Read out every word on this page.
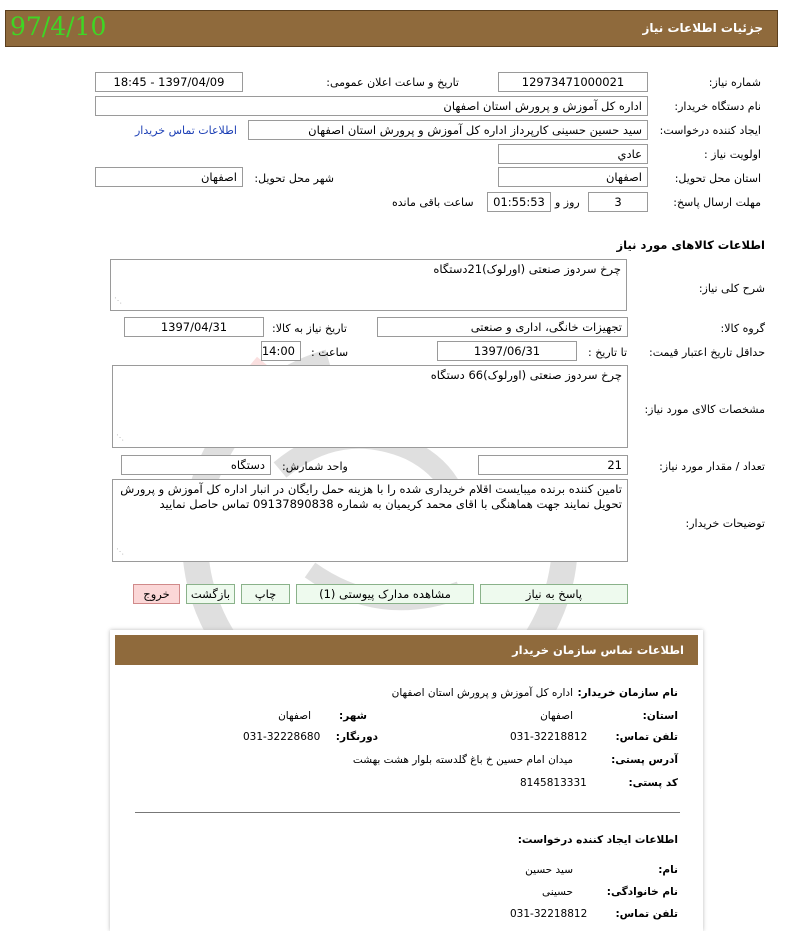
جزئیات اطلاعات نیاز
97/4/10
شماره نیاز:
12973471000021
تاریخ و ساعت اعلان عمومی:
1397/04/09 - 18:45
نام دستگاه خریدار:
اداره کل آموزش و پرورش استان اصفهان
ایجاد کننده درخواست:
سید حسین حسینی کارپرداز اداره کل آموزش و پرورش استان اصفهان
اطلاعات تماس خریدار
اولویت نیاز :
عادي
استان محل تحویل:
اصفهان
شهر محل تحویل:
اصفهان
مهلت ارسال پاسخ:
3
روز و
01:55:53
ساعت باقی مانده
اطلاعات کالاهای مورد نیاز
شرح کلی نیاز:
چرخ سردوز صنعتی (اورلوک)21دستگاه
⋰
گروه کالا:
تجهیزات خانگی، اداری و صنعتی
تاریخ نیاز به کالا:
1397/04/31
حداقل تاریخ اعتبار قیمت:
تا تاریخ :
1397/06/31
ساعت :
14:00
مشخصات کالای مورد نیاز:
چرخ سردوز صنعتی (اورلوک)66 دستگاه
⋰
تعداد / مقدار مورد نیاز:
21
واحد شمارش:
دستگاه
توضیحات خریدار:
تامین کننده برنده میبایست اقلام خریداری شده را با هزینه حمل رایگان در انبار اداره کل آموزش و پرورش تحویل نمایند جهت هماهنگی با اقای محمد کریمیان به شماره 09137890838 تماس حاصل نمایید
⋰
پاسخ به نیاز
مشاهده مدارک پیوستی (1)
چاپ
بازگشت
خروج
اطلاعات تماس سازمان خریدار
نام سازمان خریدار:
اداره کل آموزش و پرورش استان اصفهان
استان:
اصفهان
شهر:
اصفهان
تلفن تماس:
031-32218812
دورنگار:
031-32228680
آدرس پستی:
میدان امام حسین خ باغ گلدسته بلوار هشت بهشت
کد پستی:
8145813331
اطلاعات ایجاد کننده درخواست:
نام:
سید حسین
نام خانوادگی:
حسینی
تلفن تماس:
031-32218812
